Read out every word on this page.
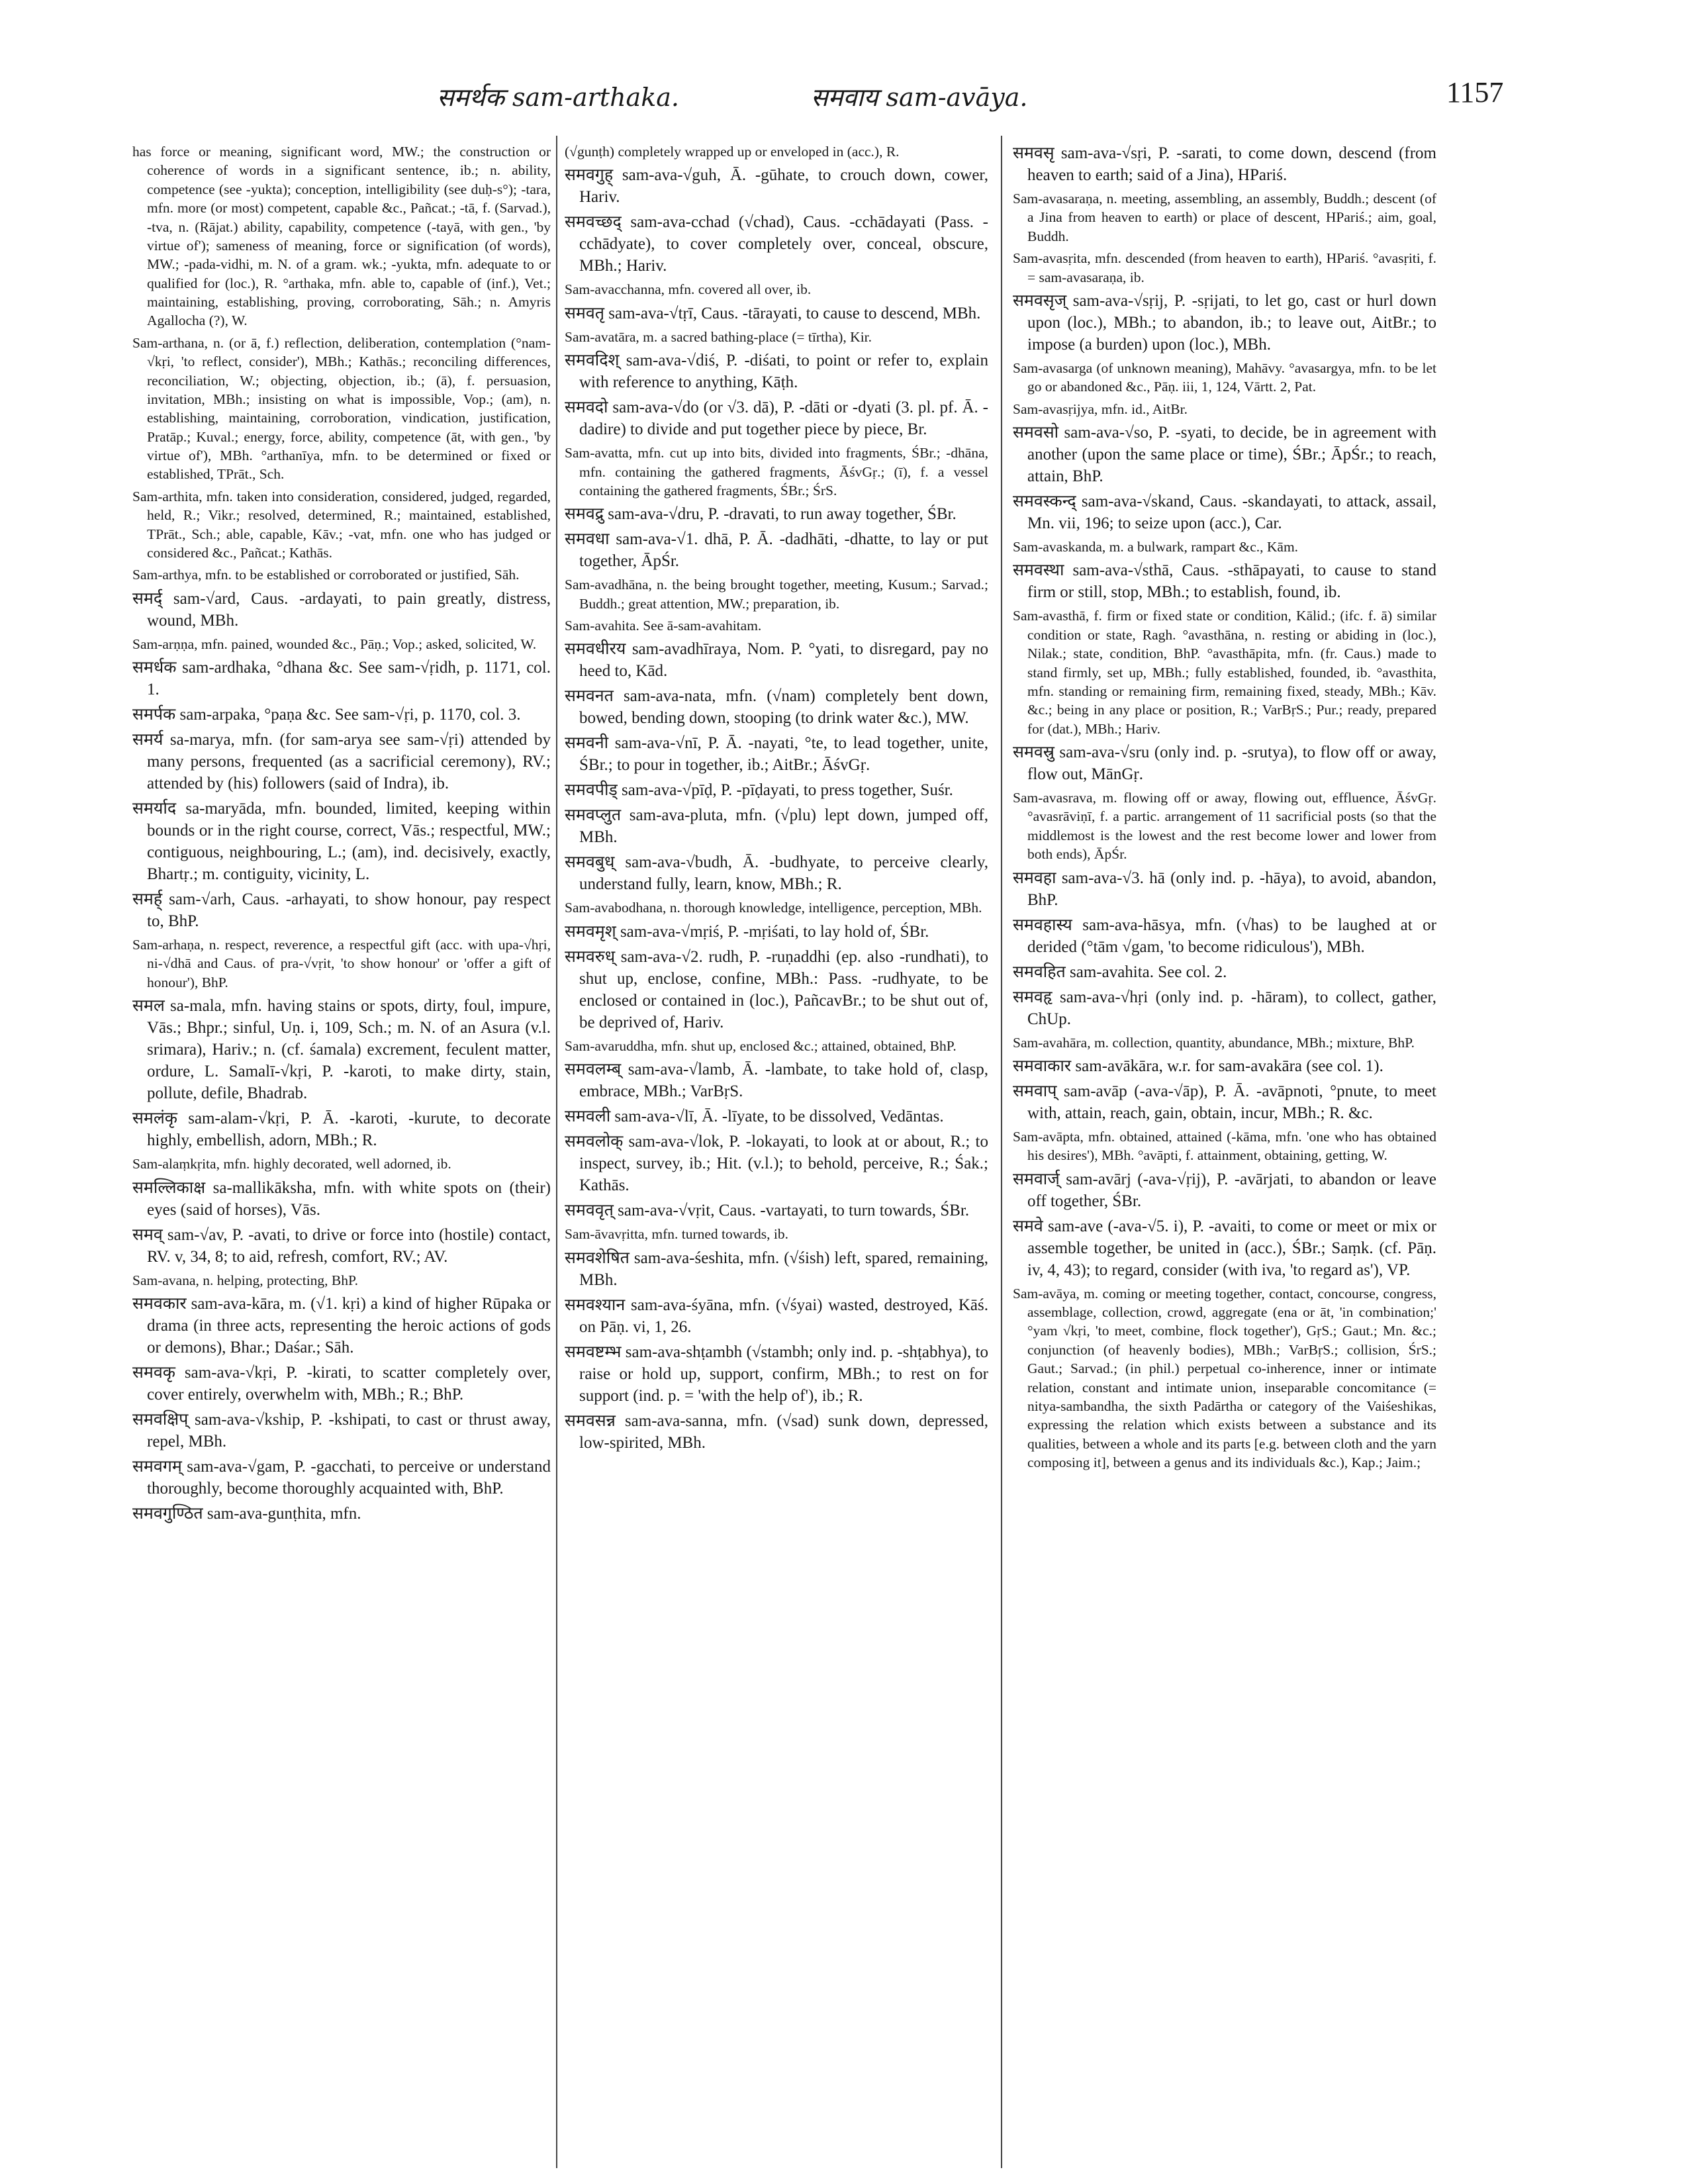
समर्थक sam-arthaka.	समवाय sam-avāya.	1157

has force or meaning, significant word, MW.; the construction or coherence of words in a significant sentence, ib.; n. ability, competence (see -yukta); conception, intelligibility (see duḥ-s°); -tara, mfn. more (or most) competent, capable &c., Pañcat.; -tā, f. (Sarvad.), -tva, n. (Rājat.) ability, capability, competence (-tayā, with gen., 'by virtue of'); sameness of meaning, force or signification (of words), MW.; -pada-vidhi, m. N. of a gram. wk.; -yukta, mfn. adequate to or qualified for (loc.), R. °arthaka, mfn. able to, capable of (inf.), Vet.; maintaining, establishing, proving, corroborating, Sāh.; n. Amyris Agallocha (?), W.

Sam-arthana, n. (or ā, f.) reflection, deliberation, contemplation (°nam-√kṛi, 'to reflect, consider'), MBh.; Kathās.; reconciling differences, reconciliation, W.; objecting, objection, ib.; (ā), f. persuasion, invitation, MBh.; insisting on what is impossible, Vop.; (am), n. establishing, maintaining, corroboration, vindication, justification, Pratāp.; Kuval.; energy, force, ability, competence (āt, with gen., 'by virtue of'), MBh. °arthanīya, mfn. to be determined or fixed or established, TPrāt., Sch.

Sam-arthita, mfn. taken into consideration, considered, judged, regarded, held, R.; Vikr.; resolved, determined, R.; maintained, established, TPrāt., Sch.; able, capable, Kāv.; -vat, mfn. one who has judged or considered &c., Pañcat.; Kathās.

Sam-arthya, mfn. to be established or corroborated or justified, Sāh.

समर्द् sam-√ard, Caus. -ardayati, to pain greatly, distress, wound, MBh.

Sam-arṇṇa, mfn. pained, wounded &c., Pāṇ.; Vop.; asked, solicited, W.

समर्धक sam-ardhaka, °dhana &c. See sam-√ṛidh, p. 1171, col. 1.

समर्पक sam-arpaka, °paṇa &c. See sam-√ṛi, p. 1170, col. 3.

समर्य sa-marya, mfn. (for sam-arya see sam-√ṛi) attended by many persons, frequented (as a sacrificial ceremony), RV.; attended by (his) followers (said of Indra), ib.

समर्याद sa-maryāda, mfn. bounded, limited, keeping within bounds or in the right course, correct, Vās.; respectful, MW.; contiguous, neighbouring, L.; (am), ind. decisively, exactly, Bhartṛ.; m. contiguity, vicinity, L.

समर्ह् sam-√arh, Caus. -arhayati, to show honour, pay respect to, BhP.

Sam-arhaṇa, n. respect, reverence, a respectful gift (acc. with upa-√hṛi, ni-√dhā and Caus. of pra-√vṛit, 'to show honour' or 'offer a gift of honour'), BhP.

समल sa-mala, mfn. having stains or spots, dirty, foul, impure, Vās.; Bhpr.; sinful, Uṇ. i, 109, Sch.; m. N. of an Asura (v.l. srimara), Hariv.; n. (cf. śamala) excrement, feculent matter, ordure, L. Samalī-√kṛi, P. -karoti, to make dirty, stain, pollute, defile, Bhadrab.

समलंकृ sam-alam-√kṛi, P. Ā. -karoti, -kurute, to decorate highly, embellish, adorn, MBh.; R.

Sam-alaṃkṛita, mfn. highly decorated, well adorned, ib.

समल्लिकाक्ष sa-mallikāksha, mfn. with white spots on (their) eyes (said of horses), Vās.

समव् sam-√av, P. -avati, to drive or force into (hostile) contact, RV. v, 34, 8; to aid, refresh, comfort, RV.; AV.

Sam-avana, n. helping, protecting, BhP.

समवकार sam-ava-kāra, m. (√1. kṛi) a kind of higher Rūpaka or drama (in three acts, representing the heroic actions of gods or demons), Bhar.; Daśar.; Sāh.

समवकृ sam-ava-√kṛi, P. -kirati, to scatter completely over, cover entirely, overwhelm with, MBh.; R.; BhP.

समवक्षिप् sam-ava-√kship, P. -kshipati, to cast or thrust away, repel, MBh.

समवगम् sam-ava-√gam, P. -gacchati, to perceive or understand thoroughly, become thoroughly acquainted with, BhP.

समवगुण्ठित sam-ava-gunṭhita, mfn.

(√gunṭh) completely wrapped up or enveloped in (acc.), R.

समवगुह् sam-ava-√guh, Ā. -gūhate, to crouch down, cower, Hariv.

समवच्छद् sam-ava-cchad (√chad), Caus. -cchādayati (Pass. -cchādyate), to cover completely over, conceal, obscure, MBh.; Hariv.

Sam-avacchanna, mfn. covered all over, ib.

समवतृ sam-ava-√tṛī, Caus. -tārayati, to cause to descend, MBh.

Sam-avatāra, m. a sacred bathing-place (= tīrtha), Kir.

समवदिश् sam-ava-√diś, P. -diśati, to point or refer to, explain with reference to anything, Kāṭh.

समवदो sam-ava-√do (or √3. dā), P. -dāti or -dyati (3. pl. pf. Ā. -dadire) to divide and put together piece by piece, Br.

Sam-avatta, mfn. cut up into bits, divided into fragments, ŚBr.; -dhāna, mfn. containing the gathered fragments, ĀśvGṛ.; (ī), f. a vessel containing the gathered fragments, ŚBr.; ŚrS.

समवद्रु sam-ava-√dru, P. -dravati, to run away together, ŚBr.

समवधा sam-ava-√1. dhā, P. Ā. -dadhāti, -dhatte, to lay or put together, ĀpŚr.

Sam-avadhāna, n. the being brought together, meeting, Kusum.; Sarvad.; Buddh.; great attention, MW.; preparation, ib.

Sam-avahita. See ā-sam-avahitam.

समवधीरय sam-avadhīraya, Nom. P. °yati, to disregard, pay no heed to, Kād.

समवनत sam-ava-nata, mfn. (√nam) completely bent down, bowed, bending down, stooping (to drink water &c.), MW.

समवनी sam-ava-√nī, P. Ā. -nayati, °te, to lead together, unite, ŚBr.; to pour in together, ib.; AitBr.; ĀśvGṛ.

समवपीड् sam-ava-√pīḍ, P. -pīḍayati, to press together, Suśr.

समवप्लुत sam-ava-pluta, mfn. (√plu) lept down, jumped off, MBh.

समवबुध् sam-ava-√budh, Ā. -budhyate, to perceive clearly, understand fully, learn, know, MBh.; R.

Sam-avabodhana, n. thorough knowledge, intelligence, perception, MBh.

समवमृश् sam-ava-√mṛiś, P. -mṛiśati, to lay hold of, ŚBr.

समवरुध् sam-ava-√2. rudh, P. -ruṇaddhi (ep. also -rundhati), to shut up, enclose, confine, MBh.: Pass. -rudhyate, to be enclosed or contained in (loc.), PañcavBr.; to be shut out of, be deprived of, Hariv.

Sam-avaruddha, mfn. shut up, enclosed &c.; attained, obtained, BhP.

समवलम्ब् sam-ava-√lamb, Ā. -lambate, to take hold of, clasp, embrace, MBh.; VarBṛS.

समवली sam-ava-√lī, Ā. -līyate, to be dissolved, Vedāntas.

समवलोक् sam-ava-√lok, P. -lokayati, to look at or about, R.; to inspect, survey, ib.; Hit. (v.l.); to behold, perceive, R.; Śak.; Kathās.

समववृत् sam-ava-√vṛit, Caus. -vartayati, to turn towards, ŚBr.

Sam-āvavṛitta, mfn. turned towards, ib.

समवशेषित sam-ava-śeshita, mfn. (√śish) left, spared, remaining, MBh.

समवश्यान sam-ava-śyāna, mfn. (√śyai) wasted, destroyed, Kāś. on Pāṇ. vi, 1, 26.

समवष्टम्भ sam-ava-shṭambh (√stambh; only ind. p. -shṭabhya), to raise or hold up, support, confirm, MBh.; to rest on for support (ind. p. = 'with the help of'), ib.; R.

समवसन्न sam-ava-sanna, mfn. (√sad) sunk down, depressed, low-spirited, MBh.

समवसृ sam-ava-√sṛi, P. -sarati, to come down, descend (from heaven to earth; said of a Jina), HPariś.

Sam-avasaraṇa, n. meeting, assembling, an assembly, Buddh.; descent (of a Jina from heaven to earth) or place of descent, HPariś.; aim, goal, Buddh.

Sam-avasṛita, mfn. descended (from heaven to earth), HPariś. °avasṛiti, f. = sam-avasaraṇa, ib.

समवसृज् sam-ava-√sṛij, P. -sṛijati, to let go, cast or hurl down upon (loc.), MBh.; to abandon, ib.; to leave out, AitBr.; to impose (a burden) upon (loc.), MBh.

Sam-avasarga (of unknown meaning), Mahāvy. °avasargya, mfn. to be let go or abandoned &c., Pāṇ. iii, 1, 124, Vārtt. 2, Pat.

Sam-avasṛijya, mfn. id., AitBr.

समवसो sam-ava-√so, P. -syati, to decide, be in agreement with another (upon the same place or time), ŚBr.; ĀpŚr.; to reach, attain, BhP.

समवस्कन्द् sam-ava-√skand, Caus. -skandayati, to attack, assail, Mn. vii, 196; to seize upon (acc.), Car.

Sam-avaskanda, m. a bulwark, rampart &c., Kām.

समवस्था sam-ava-√sthā, Caus. -sthāpayati, to cause to stand firm or still, stop, MBh.; to establish, found, ib.

Sam-avasthā, f. firm or fixed state or condition, Kālid.; (ifc. f. ā) similar condition or state, Ragh. °avasthāna, n. resting or abiding in (loc.), Nilak.; state, condition, BhP. °avasthāpita, mfn. (fr. Caus.) made to stand firmly, set up, MBh.; fully established, founded, ib. °avasthita, mfn. standing or remaining firm, remaining fixed, steady, MBh.; Kāv. &c.; being in any place or position, R.; VarBṛS.; Pur.; ready, prepared for (dat.), MBh.; Hariv.

समवस्रु sam-ava-√sru (only ind. p. -srutya), to flow off or away, flow out, MānGṛ.

Sam-avasrava, m. flowing off or away, flowing out, effluence, ĀśvGṛ. °avasrāviṇī, f. a partic. arrangement of 11 sacrificial posts (so that the middlemost is the lowest and the rest become lower and lower from both ends), ĀpŚr.

समवहा sam-ava-√3. hā (only ind. p. -hāya), to avoid, abandon, BhP.

समवहास्य sam-ava-hāsya, mfn. (√has) to be laughed at or derided (°tām √gam, 'to become ridiculous'), MBh.

समवहित sam-avahita. See col. 2.

समवहृ sam-ava-√hṛi (only ind. p. -hāram), to collect, gather, ChUp.

Sam-avahāra, m. collection, quantity, abundance, MBh.; mixture, BhP.

समवाकार sam-avākāra, w.r. for sam-avakāra (see col. 1).

समवाप् sam-avāp (-ava-√āp), P. Ā. -avāpnoti, °pnute, to meet with, attain, reach, gain, obtain, incur, MBh.; R. &c.

Sam-avāpta, mfn. obtained, attained (-kāma, mfn. 'one who has obtained his desires'), MBh. °avāpti, f. attainment, obtaining, getting, W.

समवार्ज् sam-avārj (-ava-√ṛij), P. -avārjati, to abandon or leave off together, ŚBr.

समवे sam-ave (-ava-√5. i), P. -avaiti, to come or meet or mix or assemble together, be united in (acc.), ŚBr.; Saṃk. (cf. Pāṇ. iv, 4, 43); to regard, consider (with iva, 'to regard as'), VP.

Sam-avāya, m. coming or meeting together, contact, concourse, congress, assemblage, collection, crowd, aggregate (ena or āt, 'in combination;' °yam √kṛi, 'to meet, combine, flock together'), GṛS.; Gaut.; Mn. &c.; conjunction (of heavenly bodies), MBh.; VarBṛS.; collision, ŚrS.; Gaut.; Sarvad.; (in phil.) perpetual co-inherence, inner or intimate relation, constant and intimate union, inseparable concomitance (= nitya-sambandha, the sixth Padārtha or category of the Vaiśeshikas, expressing the relation which exists between a substance and its qualities, between a whole and its parts [e.g. between cloth and the yarn composing it], between a genus and its individuals &c.), Kap.; Jaim.;
